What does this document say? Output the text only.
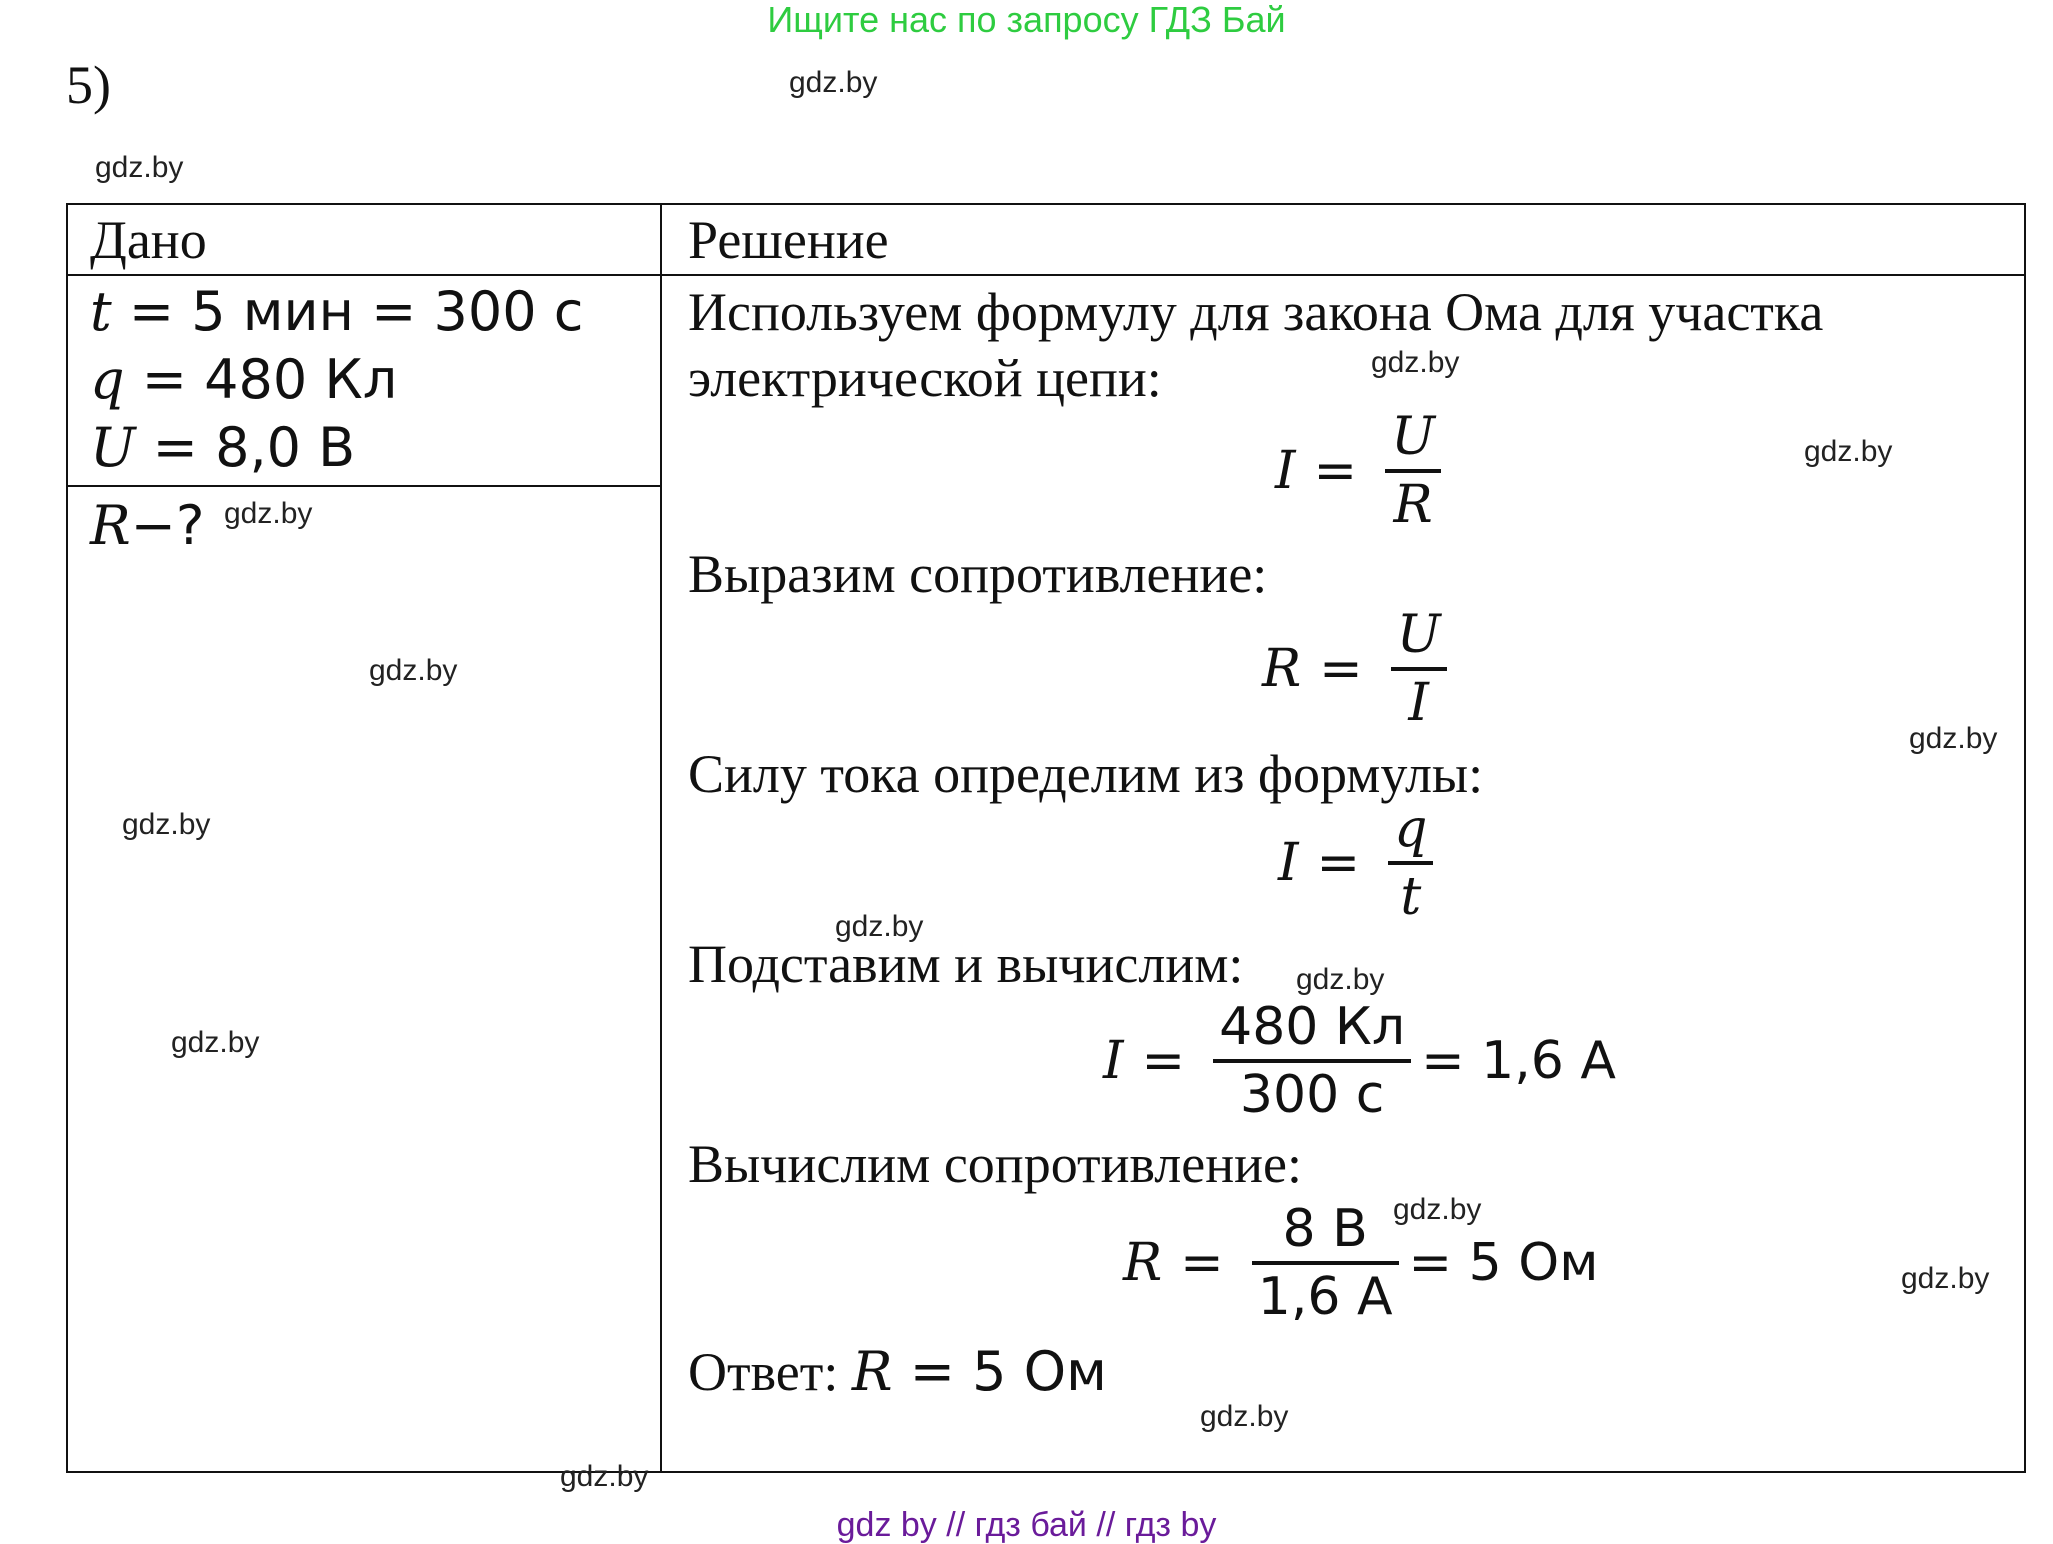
Ищите нас по запросу ГДЗ Бай
5)
Дано	Решение
t = 5 мин = 300 с
q = 480 Кл
U = 8,0 В
R−?
Используем формулу для закона Ома для участка
электрической цепи:
$I = \frac{U}{R}$
Выразим сопротивление:
$R = \frac{U}{I}$
Силу тока определим из формулы:
$I = \frac{q}{t}$
Подставим и вычислим:
$I = \frac{480 Кл}{300 с} = 1,6$ А
Вычислим сопротивление:
$R = \frac{8 В}{1,6 А} = 5$ Ом
Ответ: R = 5 Ом
gdz.by
gdz.by
gdz.by
gdz.by
gdz.by
gdz.by
gdz.by
gdz.by
gdz.by
gdz.by
gdz.by
gdz.by
gdz.by
gdz.by
gdz.by
gdz by // гдз бай // гдз by
